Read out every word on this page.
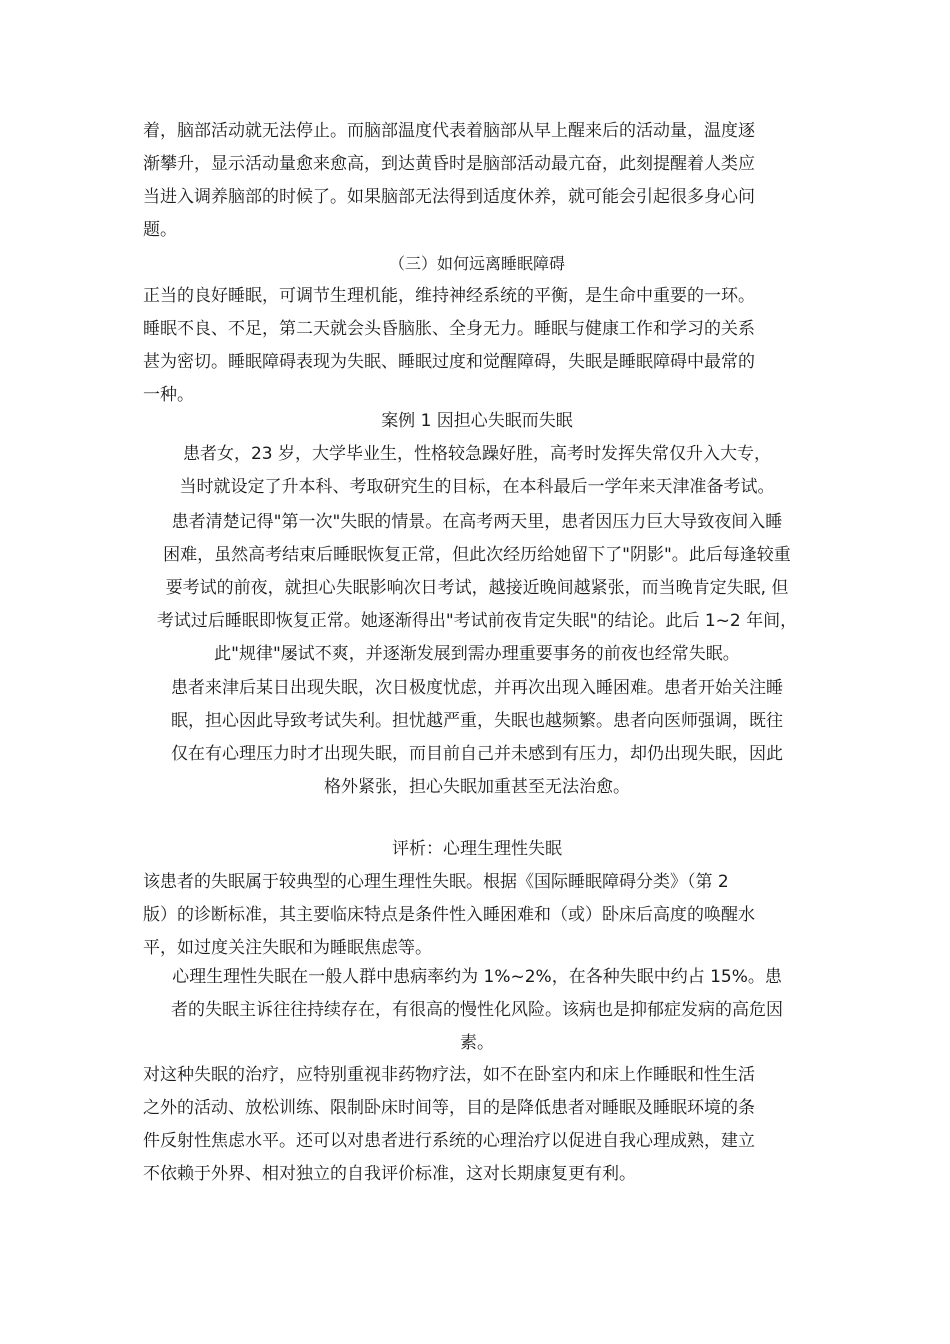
着，脑部活动就无法停止。而脑部温度代表着脑部从早上醒来后的活动量，温度逐
渐攀升，显示活动量愈来愈高，到达黄昏时是脑部活动最亢奋，此刻提醒着人类应
当进入调养脑部的时候了。如果脑部无法得到适度休养，就可能会引起很多身心问
题。
（三）如何远离睡眠障碍
正当的良好睡眠，可调节生理机能，维持神经系统的平衡，是生命中重要的一环。
睡眠不良、不足，第二天就会头昏脑胀、全身无力。睡眠与健康工作和学习的关系
甚为密切。睡眠障碍表现为失眠、睡眠过度和觉醒障碍，失眠是睡眠障碍中最常的
一种。
案例 1 因担心失眠而失眠
患者女，23 岁，大学毕业生，性格较急躁好胜，高考时发挥失常仅升入大专，
当时就设定了升本科、考取研究生的目标，在本科最后一学年来天津准备考试。
患者清楚记得"第一次"失眠的情景。在高考两天里，患者因压力巨大导致夜间入睡
困难，虽然高考结束后睡眠恢复正常，但此次经历给她留下了"阴影"。此后每逢较重
要考试的前夜，就担心失眠影响次日考试，越接近晚间越紧张，而当晚肯定失眠, 但
考试过后睡眠即恢复正常。她逐渐得出"考试前夜肯定失眠"的结论。此后 1~2 年间，
此"规律"屡试不爽，并逐渐发展到需办理重要事务的前夜也经常失眠。
患者来津后某日出现失眠，次日极度忧虑，并再次出现入睡困难。患者开始关注睡
眠，担心因此导致考试失利。担忧越严重，失眠也越频繁。患者向医师强调，既往
仅在有心理压力时才出现失眠，而目前自己并未感到有压力，却仍出现失眠，因此
格外紧张，担心失眠加重甚至无法治愈。
评析：心理生理性失眠
该患者的失眠属于较典型的心理生理性失眠。根据《国际睡眠障碍分类》（第 2
版）的诊断标准，其主要临床特点是条件性入睡困难和（或）卧床后高度的唤醒水
平，如过度关注失眠和为睡眠焦虑等。
心理生理性失眠在一般人群中患病率约为 1%~2%，在各种失眠中约占 15%。患
者的失眠主诉往往持续存在，有很高的慢性化风险。该病也是抑郁症发病的高危因
素。
对这种失眠的治疗，应特别重视非药物疗法，如不在卧室内和床上作睡眠和性生活
之外的活动、放松训练、限制卧床时间等，目的是降低患者对睡眠及睡眠环境的条
件反射性焦虑水平。还可以对患者进行系统的心理治疗以促进自我心理成熟，建立
不依赖于外界、相对独立的自我评价标准，这对长期康复更有利。
